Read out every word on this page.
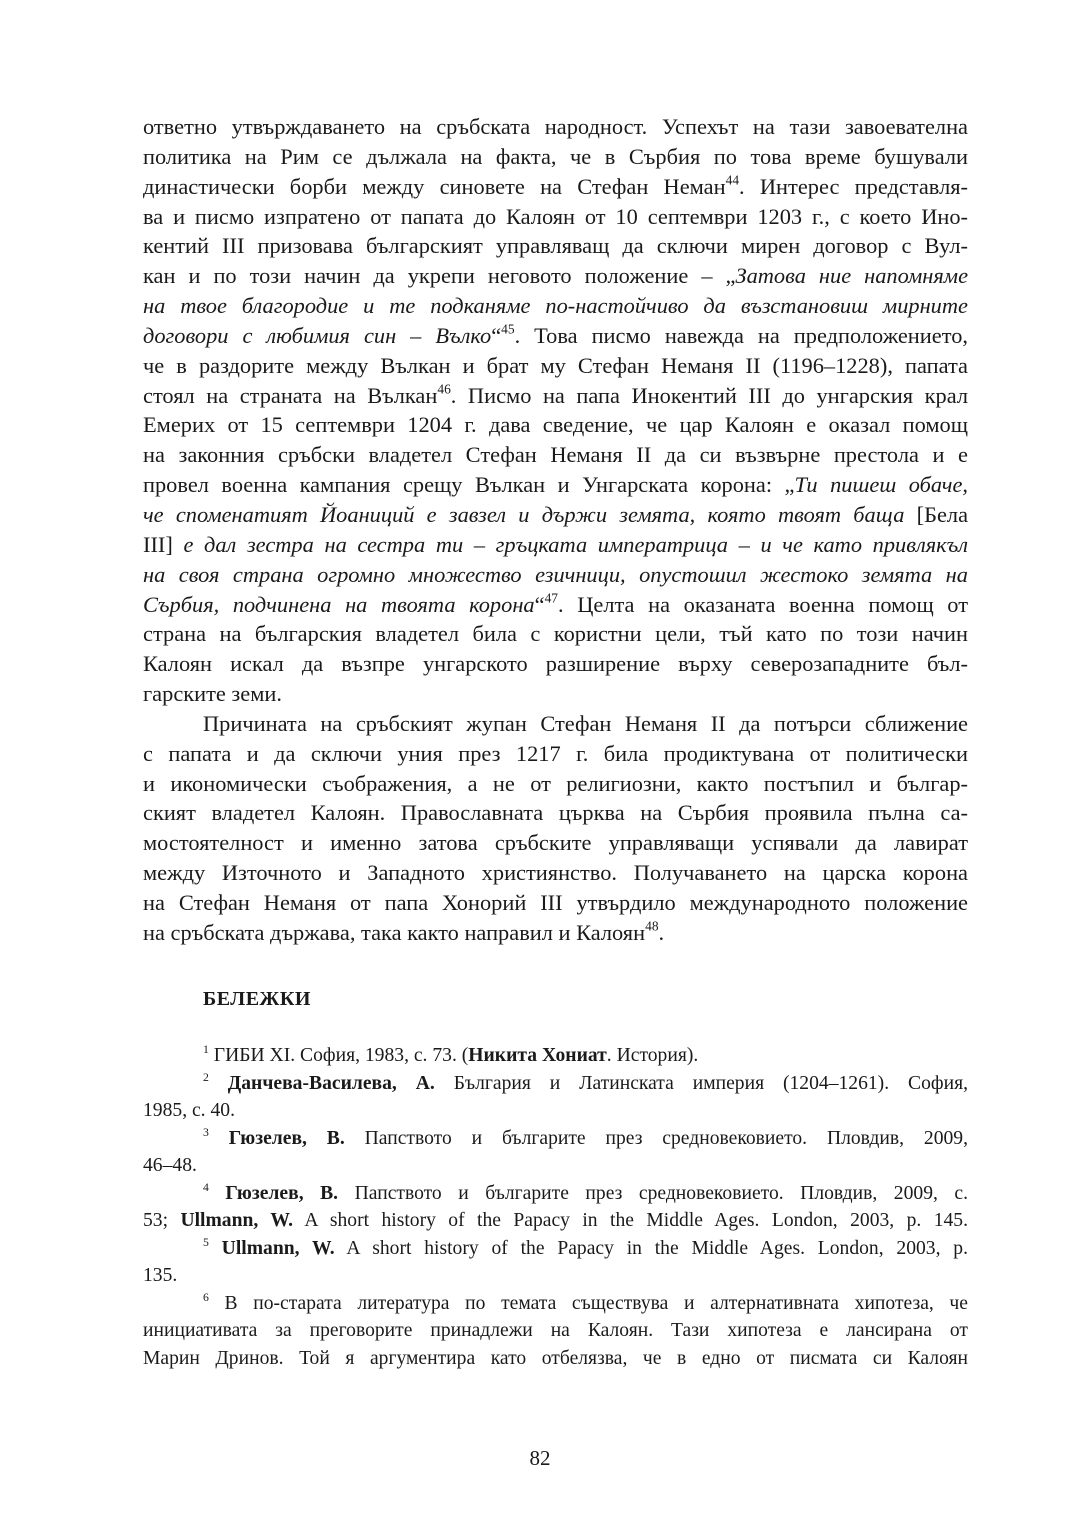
ответно утвърждаването на сръбската народност. Успехът на тази завоевателна
политика на Рим се дължала на факта, че в Сърбия по това време бушували
династически борби между синовете на Стефан Неман$^{44}$. Интерес представля-
ва и писмо изпратено от папата до Калоян от 10 септември 1203 г., с което Ино-
кентий III призовава българският управляващ да сключи мирен договор с Вул-
кан и по този начин да укрепи неговото положение – „Затова ние напомняме
на твое благородие и те подканяме по-настойчиво да възстановиш мирните
договори с любимия син – Вълко“$^{45}$. Това писмо навежда на предположението,
че в раздорите между Вълкан и брат му Стефан Неманя II (1196–1228), папата
стоял на страната на Вълкан$^{46}$. Писмо на папа Инокентий III до унгарския крал
Емерих от 15 септември 1204 г. дава сведение, че цар Калоян е оказал помощ
на законния сръбски владетел Стефан Неманя II да си възвърне престола и е
провел военна кампания срещу Вълкан и Унгарската корона: „Ти пишеш обаче,
че споменатият Йоаниций е завзел и държи земята, която твоят баща [Бела
III] е дал зестра на сестра ти – гръцката императрица – и че като привлякъл
на своя страна огромно множество езичници, опустошил жестоко земята на
Сърбия, подчинена на твоята корона“$^{47}$. Целта на оказаната военна помощ от
страна на българския владетел била с користни цели, тъй като по този начин
Калоян искал да възпре унгарското разширение върху северозападните бъл-
гарските земи.

Причината на сръбският жупан Стефан Неманя II да потърси сближение
с папата и да сключи уния през 1217 г. била продиктувана от политически
и икономически съображения, а не от религиозни, както постъпил и българ-
ският владетел Калоян. Православната църква на Сърбия проявила пълна са-
мостоятелност и именно затова сръбските управляващи успявали да лавират
между Източното и Западното християнство. Получаването на царска корона
на Стефан Неманя от папа Хонорий III утвърдило международното положение
на сръбската държава, така както направил и Калоян$^{48}$.

БЕЛЕЖКИ
$^1$ ГИБИ XI. София, 1983, с. 73. (Никита Хониат. История).
$^2$ Данчева-Василева, А. България и Латинската империя (1204–1261). София,
1985, с. 40.
$^3$ Гюзелев, В. Папството и българите през средновековието. Пловдив, 2009,
46–48.
$^4$ Гюзелев, В. Папството и българите през средновековието. Пловдив, 2009, с.
53; Ullmann, W. A short history of the Papacy in the Middle Ages. London, 2003, p. 145.
$^5$ Ullmann, W. A short history of the Papacy in the Middle Ages. London, 2003, p.
135.
$^6$ В по-старата литература по темата съществува и алтернативната хипотеза, че
инициативата за преговорите принадлежи на Калоян. Тази хипотеза е лансирана от
Марин Дринов. Той я аргументира като отбелязва, че в едно от писмата си Калоян
82
